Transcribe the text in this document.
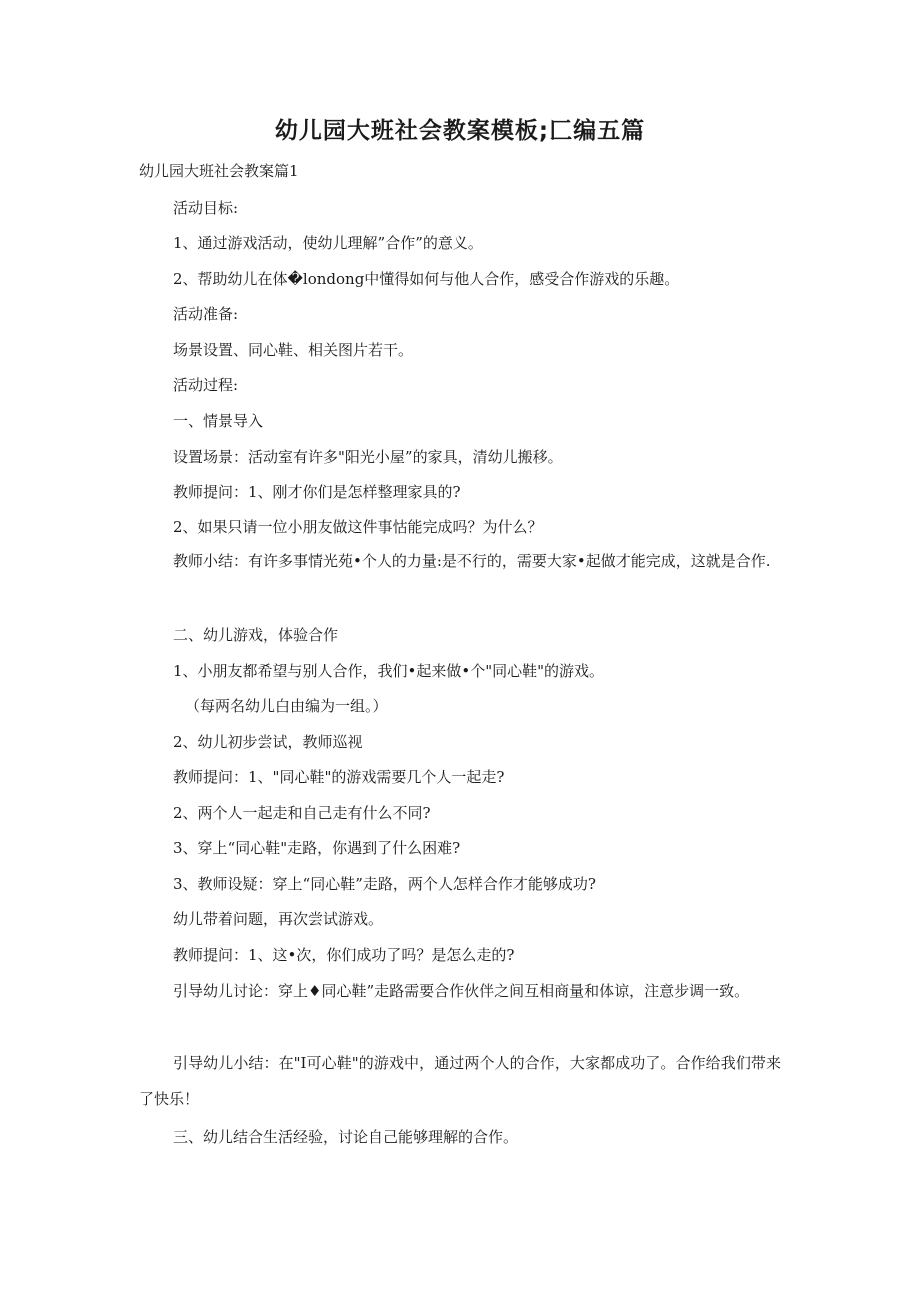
幼儿园大班社会教案模板;匚编五篇

幼儿园大班社会教案篇1

活动目标:

1、通过游戏活动，使幼儿理解”合作”的意义。

2、帮助幼儿在体�londong中懂得如何与他人合作，感受合作游戏的乐趣。

活动准备:

场景设置、同心鞋、相关图片若干。

活动过程:

一、情景导入

设置场景：活动室有许多"阳光小屋”的家具，清幼儿搬移。

教师提问：1、刚才你们是怎样整理家具的?

2、如果只请一位小朋友做这件事怙能完成吗？为什么？

教师小结：有许多事情光苑•个人的力量:是不行的，需要大家•起做才能完成，这就是合作.

二、幼儿游戏，体验合作

1、小朋友都希望与别人合作，我们•起来做•个"同心鞋"的游戏。

（每两名幼儿白由编为一组。）

2、幼儿初步尝试，教师巡视

教师提问：1、"同心鞋"的游戏需要几个人一起走?

2、两个人一起走和自己走有什么不同?

3、穿上“同心鞋"走路，你遇到了什么困难?

3、教师设疑：穿上“同心鞋”走路，两个人怎样合作才能够成功?

幼儿带着问题，再次尝试游戏。

教师提问：1、这•次，你们成功了吗？是怎么走的?

引导幼儿讨论：穿上♦同心鞋”走路需要合作伙伴之间互相商量和体谅，注意步调一致。

引导幼儿小结：在"I可心鞋"的游戏中，通过两个人的合作，大家都成功了。合作给我们带来了快乐！

三、幼儿结合生活经验，讨论自己能够理解的合作。
